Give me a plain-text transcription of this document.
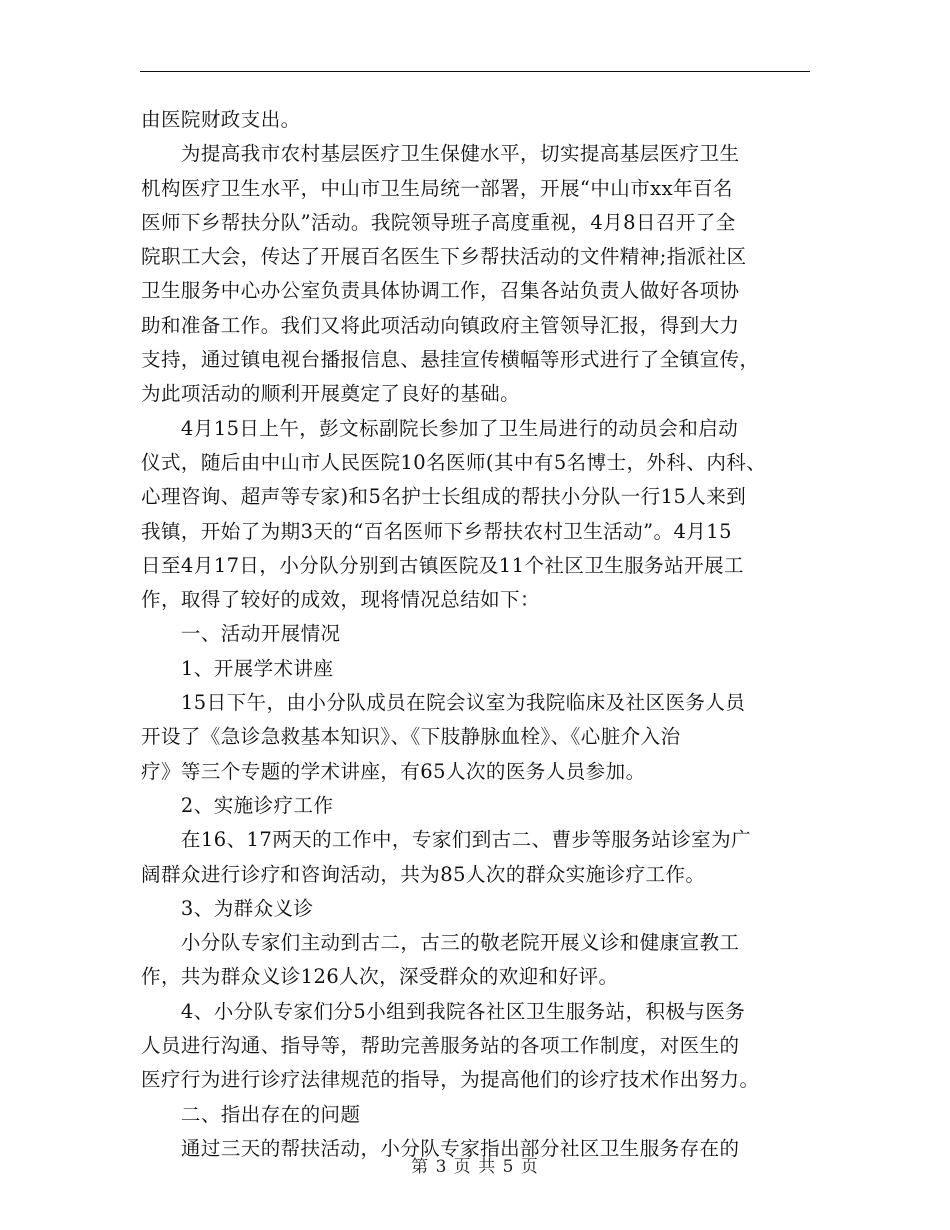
由医院财政支出。
　　为提高我市农村基层医疗卫生保健水平，切实提高基层医疗卫生
机构医疗卫生水平，中山市卫生局统一部署，开展“中山市xx年百名
医师下乡帮扶分队”活动。我院领导班子高度重视，4月8日召开了全
院职工大会，传达了开展百名医生下乡帮扶活动的文件精神;指派社区
卫生服务中心办公室负责具体协调工作，召集各站负责人做好各项协
助和准备工作。我们又将此项活动向镇政府主管领导汇报，得到大力
支持，通过镇电视台播报信息、悬挂宣传横幅等形式进行了全镇宣传，
为此项活动的顺利开展奠定了良好的基础。
　　4月15日上午，彭文标副院长参加了卫生局进行的动员会和启动
仪式，随后由中山市人民医院10名医师(其中有5名博士，外科、内科、
心理咨询、超声等专家)和5名护士长组成的帮扶小分队一行15人来到
我镇，开始了为期3天的“百名医师下乡帮扶农村卫生活动”。4月15
日至4月17日，小分队分别到古镇医院及11个社区卫生服务站开展工
作，取得了较好的成效，现将情况总结如下：
　　一、活动开展情况
　　1、开展学术讲座
　　15日下午，由小分队成员在院会议室为我院临床及社区医务人员
开设了《急诊急救基本知识》、《下肢静脉血栓》、《心脏介入治
疗》等三个专题的学术讲座，有65人次的医务人员参加。
　　2、实施诊疗工作
　　在16、17两天的工作中，专家们到古二、曹步等服务站诊室为广
阔群众进行诊疗和咨询活动，共为85人次的群众实施诊疗工作。
　　3、为群众义诊
　　小分队专家们主动到古二，古三的敬老院开展义诊和健康宣教工
作，共为群众义诊126人次，深受群众的欢迎和好评。
　　4、小分队专家们分5小组到我院各社区卫生服务站，积极与医务
人员进行沟通、指导等，帮助完善服务站的各项工作制度，对医生的
医疗行为进行诊疗法律规范的指导，为提高他们的诊疗技术作出努力。
　　二、指出存在的问题
　　通过三天的帮扶活动，小分队专家指出部分社区卫生服务存在的
第 3 页 共 5 页
